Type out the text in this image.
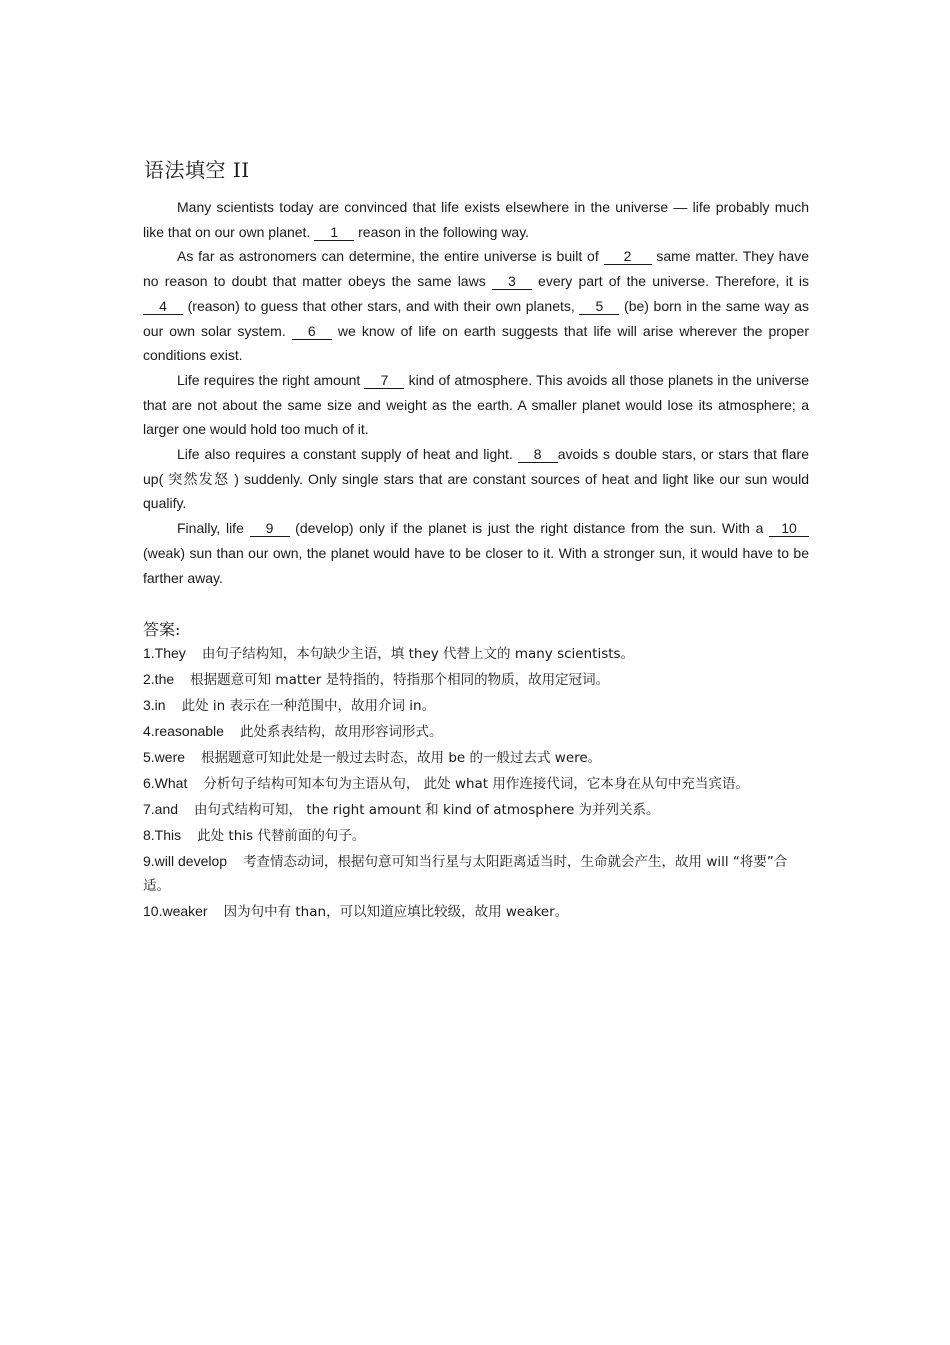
语法填空 II

Many scientists today are convinced that life exists elsewhere in the universe — life probably much like that on our own planet. 1 reason in the following way.

As far as astronomers can determine, the entire universe is built of 2 same matter. They have no reason to doubt that matter obeys the same laws 3 every part of the universe. Therefore, it is 4 (reason) to guess that other stars, and with their own planets, 5 (be) born in the same way as our own solar system. 6 we know of life on earth suggests that life will arise wherever the proper conditions exist.

Life requires the right amount 7 kind of atmosphere. This avoids all those planets in the universe that are not about the same size and weight as the earth. A smaller planet would lose its atmosphere; a larger one would hold too much of it.

Life also requires a constant supply of heat and light. 8 avoids s double stars, or stars that flare up( 突然发怒 ) suddenly. Only single stars that are constant sources of heat and light like our sun would qualify.

Finally, life 9 (develop) only if the planet is just the right distance from the sun. With a 10 (weak) sun than our own, the planet would have to be closer to it. With a stronger sun, it would have to be farther away.

答案:
1.They 由句子结构知，本句缺少主语，填 they 代替上文的 many scientists。
2.the 根据题意可知 matter 是特指的，特指那个相同的物质，故用定冠词。
3.in 此处 in 表示在一种范围中，故用介词 in。
4.reasonable 此处系表结构，故用形容词形式。
5.were 根据题意可知此处是一般过去时态，故用 be 的一般过去式 were。
6.What 分析句子结构可知本句为主语从句， 此处 what 用作连接代词，它本身在从句中充当宾语。
7.and 由句式结构可知， the right amount 和 kind of atmosphere 为并列关系。
8.This 此处 this 代替前面的句子。
9.will develop 考查情态动词，根据句意可知当行星与太阳距离适当时，生命就会产生，故用 will “将要”合适。
10.weaker 因为句中有 than，可以知道应填比较级，故用 weaker。
